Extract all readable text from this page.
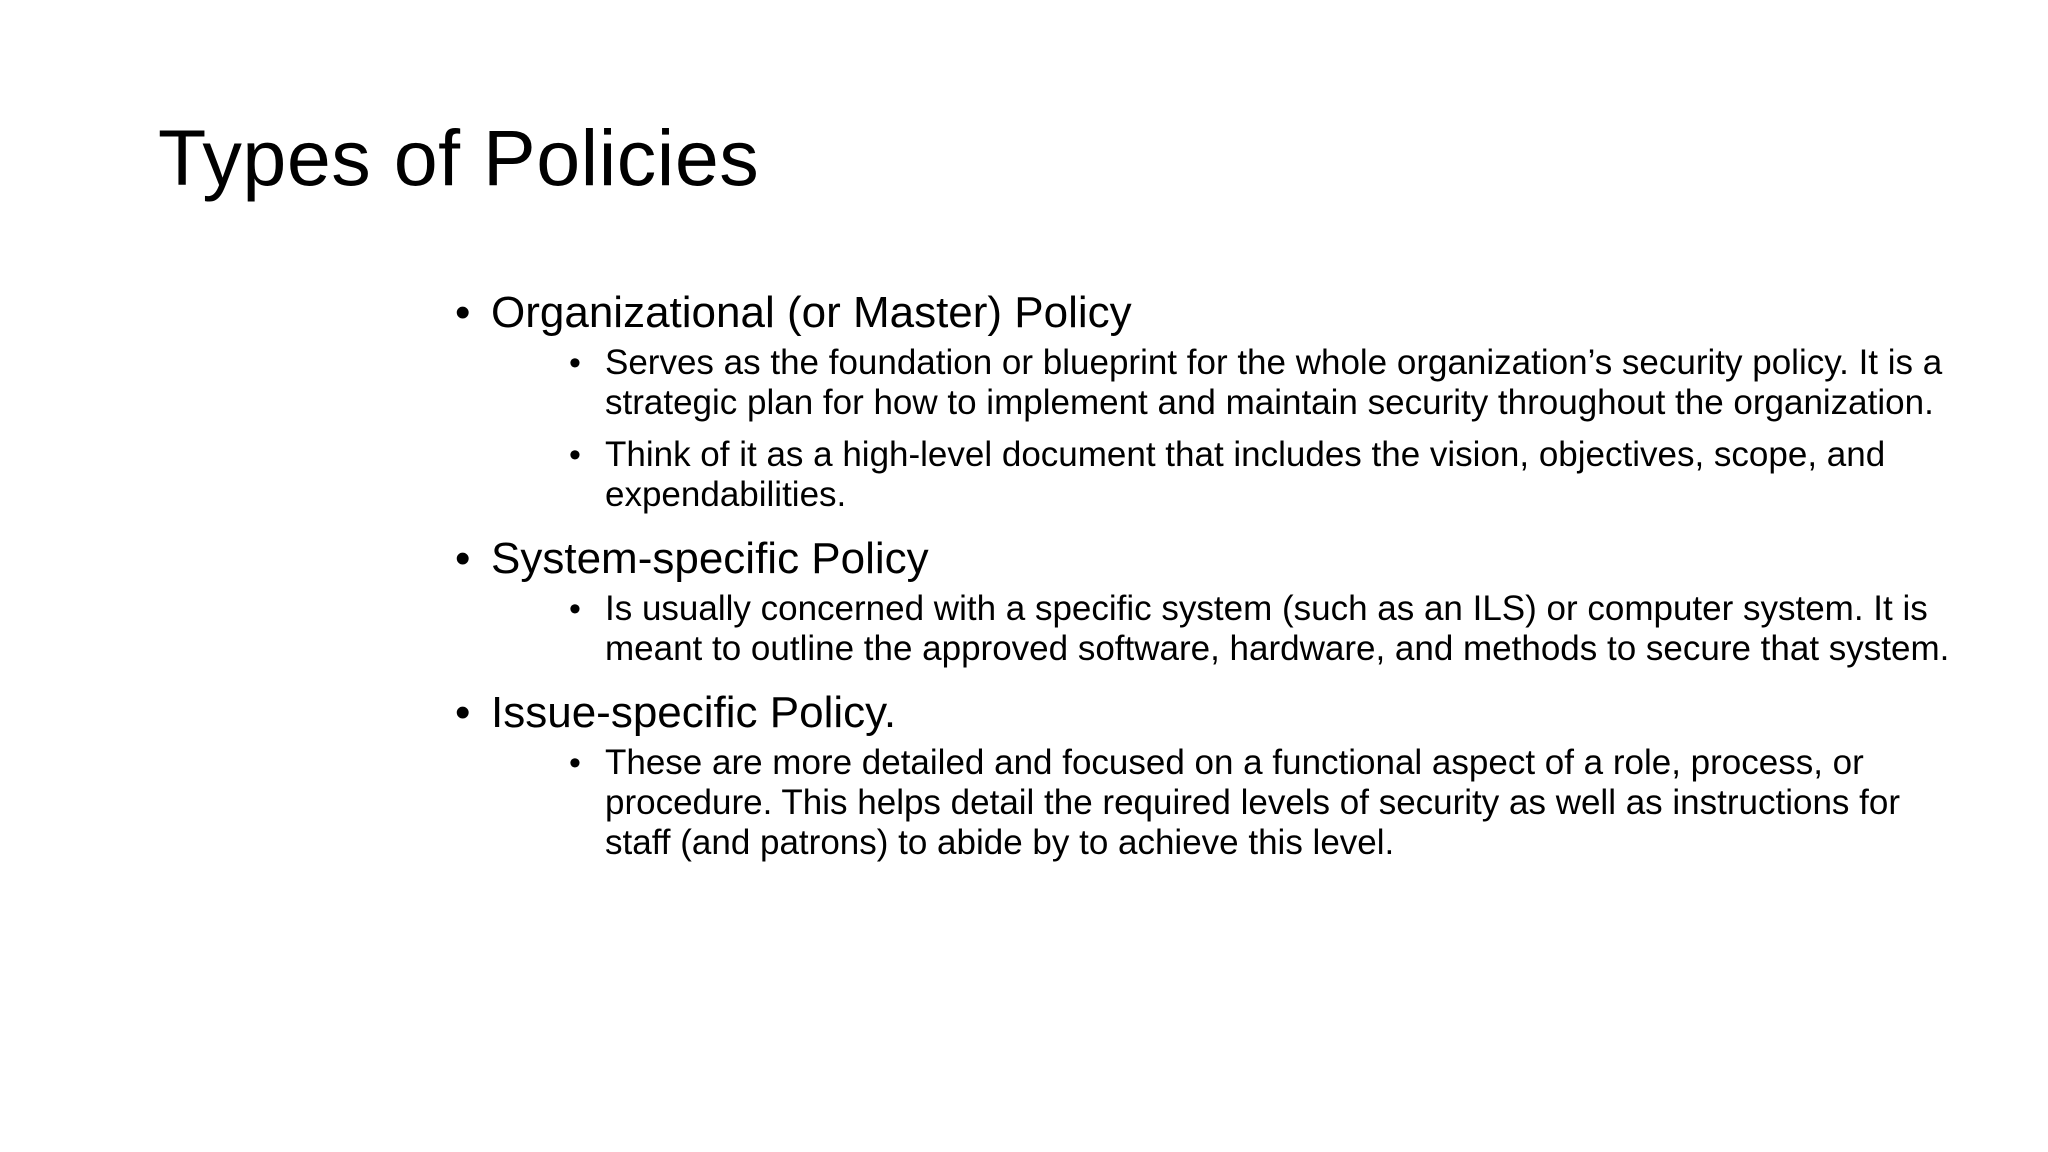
Types of Policies
• Organizational (or Master) Policy
• Serves as the foundation or blueprint for the whole organization’s security policy. It is a strategic plan for how to implement and maintain security throughout the organization.
• Think of it as a high-level document that includes the vision, objectives, scope, and expendabilities.
• System-specific Policy
• Is usually concerned with a specific system (such as an ILS) or computer system. It is meant to outline the approved software, hardware, and methods to secure that system.
• Issue-specific Policy.
• These are more detailed and focused on a functional aspect of a role, process, or procedure. This helps detail the required levels of security as well as instructions for staff (and patrons) to abide by to achieve this level.
